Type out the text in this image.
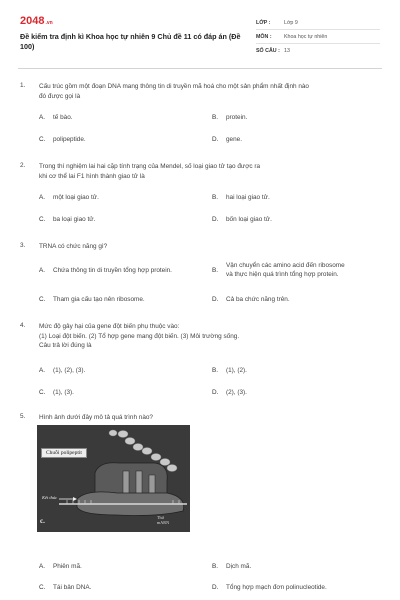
2048.vn
Đề kiểm tra định kì Khoa học tự nhiên 9 Chủ đề 11 có đáp án (Đề 100)
LỚP :	Lớp 9
MÔN :	Khoa học tự nhiên
SỐ CÂU : 13
1.	Cấu trúc gồm một đoạn DNA mang thông tin di truyền mã hoá cho một sản phẩm nhất định nào
đó được gọi là
A.	tế bào.	B.	protein.
C.	polipeptide.	D.	gene.
2.	Trong thí nghiệm lai hai cặp tính trạng của Mendel, số loại giao tử tạo được ra
khi cơ thể lai F1 hình thành giao tử là
A.	một loại giao tử.	B.	hai loại giao tử.
C.	ba loại giao tử.	D.	bốn loại giao tử.
3.	TRNA có chức năng gì?
A.	Chứa thông tin di truyền tổng hợp protein.	B.
Vận chuyển các amino acid đến ribosome
và thực hiện quá trình tổng hợp protein.
C.	Tham gia cấu tạo nên ribosome.	D.	Cả ba chức năng trên.
4.	Mức độ gây hại của gene đột biến phụ thuộc vào:
(1) Loại đột biến. (2) Tổ hợp gene mang đột biến. (3) Môi trường sống.
Câu trả lời đúng là
A.	(1), (2), (3).	B.	(1), (2).
C.	(1), (3).	D.	(2), (3).
5.	Hình ảnh dưới đây mô tả quá trình nào?
Chuỗi polipeptit
Kết thúc
c.	Thứ
mARN
A.	Phiên mã.	B.	Dịch mã.
C.	Tái bản DNA.	D.	Tổng hợp mạch đơn polinucleotide.
